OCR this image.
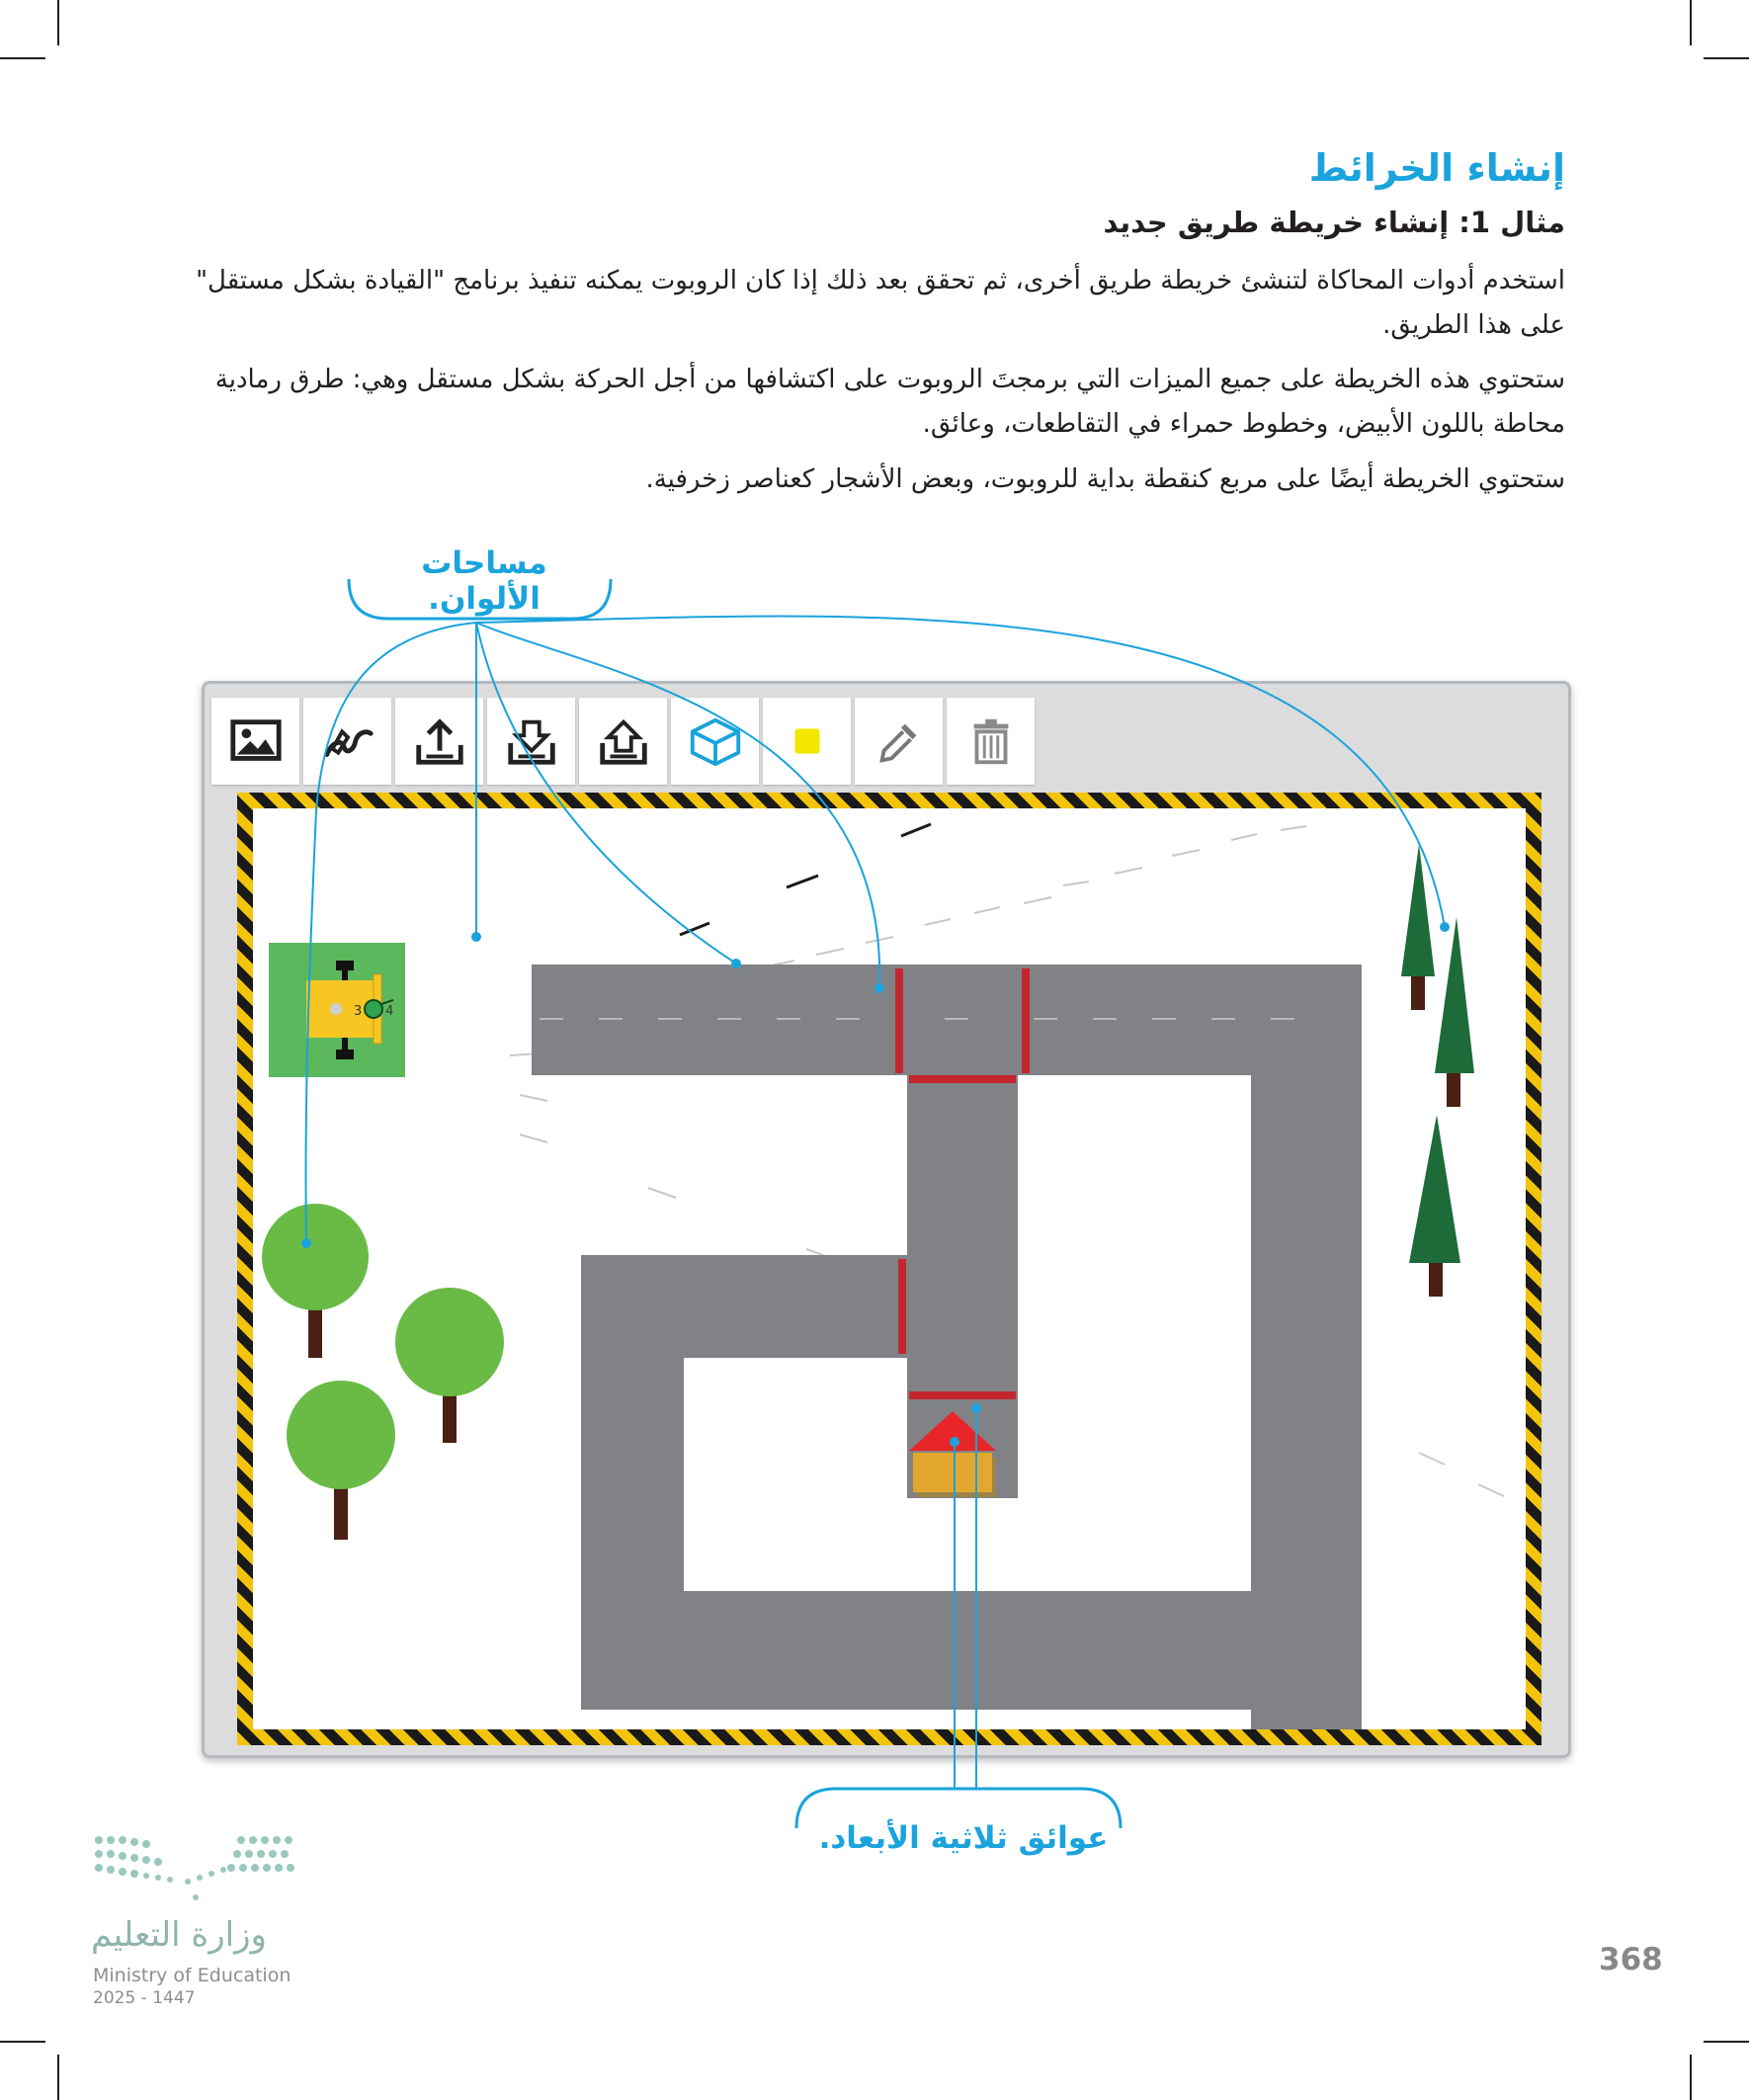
إنشاء الخرائط
مثال 1: إنشاء خريطة طريق جديد

استخدم أدوات المحاكاة لتنشئ خريطة طريق أخرى، ثم تحقق بعد ذلك إذا كان الروبوت يمكنه تنفيذ برنامج "القيادة بشكل مستقل" على هذا الطريق.

ستحتوي هذه الخريطة على جميع الميزات التي برمجتَ الروبوت على اكتشافها من أجل الحركة بشكل مستقل وهي: طرق رمادية محاطة باللون الأبيض، وخطوط حمراء في التقاطعات، وعائق.

ستحتوي الخريطة أيضًا على مربع كنقطة بداية للروبوت، وبعض الأشجار كعناصر زخرفية.

مساحات الألوان.
عوائق ثلاثية الأبعاد.
3 4
368
وزارة التعليم
Ministry of Education
2025 - 1447
